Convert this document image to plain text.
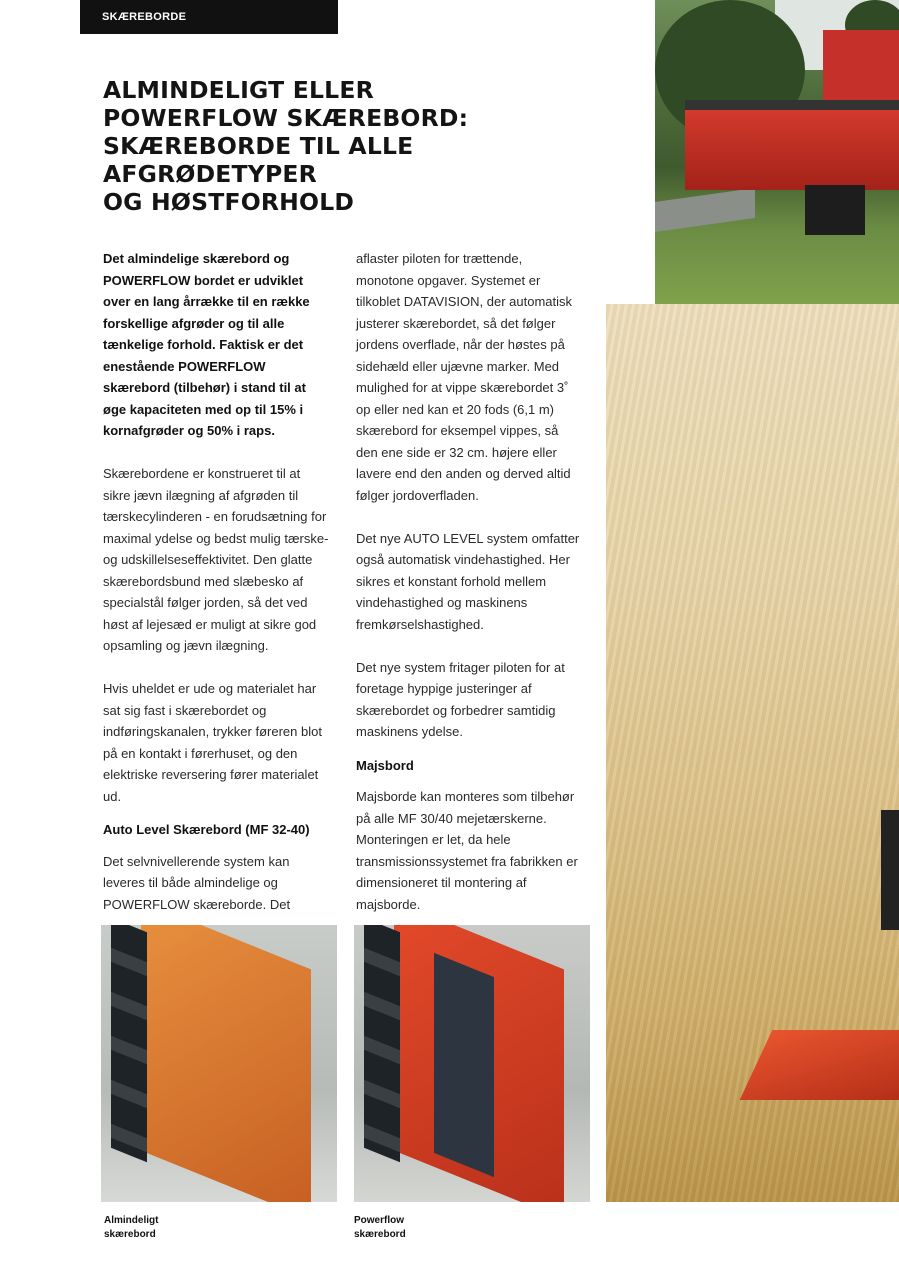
SKÆREBORDE
ALMINDELIGT ELLER
POWERFLOW SKÆREBORD:
SKÆREBORDE TIL ALLE
AFGRØDETYPER
OG HØSTFORHOLD

Det almindelige skærebord og
POWERFLOW bordet er udviklet
over en lang årrække til en række
forskellige afgrøder og til alle
tænkelige forhold. Faktisk er det
enestående POWERFLOW
skærebord (tilbehør) i stand til at
øge kapaciteten med op til 15% i
kornafgrøder og 50% i raps.

Skærebordene er konstrueret til at
sikre jævn ilægning af afgrøden til
tærskecylinderen - en forudsætning for
maximal ydelse og bedst mulig tærske-
og udskillelseseffektivitet. Den glatte
skærebordsbund med slæbesko af
specialstål følger jorden, så det ved
høst af lejesæd er muligt at sikre god
opsamling og jævn ilægning.

Hvis uheldet er ude og materialet har
sat sig fast i skærebordet og
indføringskanalen, trykker føreren blot
på en kontakt i førerhuset, og den
elektriske reversering fører materialet
ud.

Auto Level Skærebord (MF 32-40)

Det selvnivellerende system kan
leveres til både almindelige og
POWERFLOW skæreborde. Det

aflaster piloten for trættende,
monotone opgaver. Systemet er
tilkoblet DATAVISION, der automatisk
justerer skærebordet, så det følger
jordens overflade, når der høstes på
sidehæld eller ujævne marker. Med
mulighed for at vippe skærebordet 3˚
op eller ned kan et 20 fods (6,1 m)
skærebord for eksempel vippes, så
den ene side er 32 cm. højere eller
lavere end den anden og derved altid
følger jordoverfladen.

Det nye AUTO LEVEL system omfatter
også automatisk vindehastighed. Her
sikres et konstant forhold mellem
vindehastighed og maskinens
fremkørselshastighed.

Det nye system fritager piloten for at
foretage hyppige justeringer af
skærebordet og forbedrer samtidig
maskinens ydelse.

Majsbord

Majsborde kan monteres som tilbehør
på alle MF 30/40 mejetærskerne.
Monteringen er let, da hele
transmissionssystemet fra fabrikken er
dimensioneret til montering af
majsborde.

Almindeligt
skærebord
Powerflow
skærebord
